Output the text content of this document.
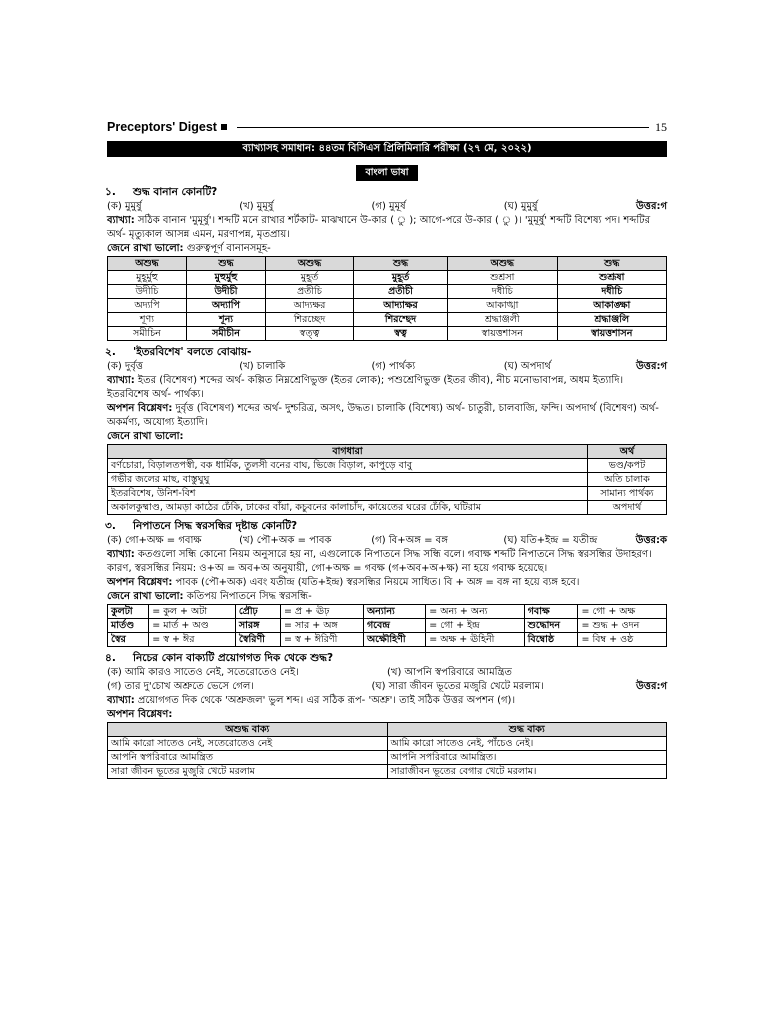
Preceptors' Digest	15
ব্যাখ্যাসহ সমাধান: ৪৪তম বিসিএস প্রিলিমিনারি পরীক্ষা (২৭ মে, ২০২২)
বাংলা ভাষা
১.	শুদ্ধ বানান কোনটি?
(ক) মুমুর্ষু	(খ) মুমূর্ষু	(গ) মুমূর্ষ	(ঘ) মুমুর্ষু	উত্তর:গ

ব্যাখ্যা: সঠিক বানান 'মুমূর্ষু'। শব্দটি মনে রাখার শর্টকাট- মাঝখানে উ-কার ( ু ); আগে-পরে উ-কার ( ু )। 'মুমূর্ষু' শব্দটি বিশেষ্য পদ। শব্দটির অর্থ- মৃত্যুকাল আসন্ন এমন, মরণাপন্ন, মৃতপ্রায়।

জেনে রাখা ভালো: গুরুত্বপূর্ণ বানানসমূহ-

অশুদ্ধ	শুদ্ধ	অশুদ্ধ	শুদ্ধ	অশুদ্ধ	শুদ্ধ
মুহূর্মুহু	মুহুর্মুহু	মুহূর্ত	মুহূর্ত	শুশ্রসা	শুশ্রূষা
উদীচি	উদীচী	প্রতীচি	প্রতীচী	দধীচি	দধীচি
অদ্যপি	অদ্যাপি	আদ্যক্ষর	আদ্যাক্ষর	আকাঙ্খা	আকাঙ্ক্ষা
শূণ্য	শূন্য	শিরচ্ছেদ	শিরশ্ছেদ	শ্রদ্ধাঞ্জলী	শ্রদ্ধাঞ্জলি
সমীচিন	সমীচীন	স্বত্ত্ব	স্বত্ব	স্বায়ত্তশাসন	স্বায়ত্তশাসন
২.	'ইতরবিশেষ' বলতে বোঝায়-
(ক) দুর্বৃত্ত	(খ) চালাকি	(গ) পার্থক্য	(ঘ) অপদার্থ	উত্তর:গ

ব্যাখ্যা: ইতর (বিশেষণ) শব্দের অর্থ- কল্পিত নিম্নশ্রেণিভুক্ত (ইতর লোক); পশুশ্রেণিভুক্ত (ইতর জীব), নীচ মনোভাবাপন্ন, অধম ইত্যাদি। ইতরবিশেষ অর্থ- পার্থক্য।

অপশন বিশ্লেষণ: দুর্বৃত্ত (বিশেষণ) শব্দের অর্থ- দুশ্চরিত্র, অসৎ, উদ্ধত। চালাকি (বিশেষ্য) অর্থ- চাতুরী, চালবাজি, ফন্দি। অপদার্থ (বিশেষণ) অর্থ- অকর্মণ্য, অযোগ্য ইত্যাদি।

জেনে রাখা ভালো:
বাগধারা	অর্থ
বর্ণচোরা, বিড়ালতপস্বী, বক ধার্মিক, তুলসী বনের বাঘ, ভিজে বিড়াল, কাপুড়ে বাবু	ভণ্ড/কপট
গভীর জলের মাছ, বাস্তুঘুঘু	অতি চালাক
ইতরবিশেষ, উনিশ-বিশ	সামান্য পার্থক্য
অকালকুষ্মাণ্ড, আমড়া কাঠের ঢেঁকি, ঢাকের বাঁয়া, কচুবনের কালাচাঁদ, কায়েতের ঘরের ঢেঁকি, ঘটিরাম	অপদার্থ
৩.	নিপাতনে সিদ্ধ স্বরসন্ধির দৃষ্টান্ত কোনটি?
(ক) গো+অক্ষ = গবাক্ষ	(খ) পৌ+অক = পাবক	(গ) বি+অঙ্গ = বঙ্গ	(ঘ) যতি+ইন্দ্র = যতীন্দ্র	উত্তর:ক

ব্যাখ্যা: কতগুলো সন্ধি কোনো নিয়ম অনুসারে হয় না, এগুলোকে নিপাতনে সিদ্ধ সন্ধি বলে। গবাক্ষ শব্দটি নিপাতনে সিদ্ধ স্বরসন্ধির উদাহরণ। কারণ, স্বরসন্ধির নিয়ম: ও+অ = অব+অ অনুযায়ী, গো+অক্ষ = গবক্ষ (গ+অব+অ+ক্ষ) না হয়ে গবাক্ষ হয়েছে।

অপশন বিশ্লেষণ: পাবক (পৌ+অক) এবং যতীন্দ্র (যতি+ইন্দ্র) স্বরসন্ধির নিয়মে সাধিত। বি + অঙ্গ = বঙ্গ না হয়ে ব্যঙ্গ হবে।

জেনে রাখা ভালো: কতিপয় নিপাতনে সিদ্ধ স্বরসন্ধি-

কুলটা	= কুল + অটা	প্রৌঢ়	= প্র + ঊঢ়	অন্যান্য	= অন্য + অন্য	গবাক্ষ	= গো + অক্ষ
মার্তণ্ড	= মার্ত + অণ্ড	সারঙ্গ	= সার + অঙ্গ	গবেন্দ্র	= গো + ইন্দ্র	শুদ্ধোদন	= শুদ্ধ + ওদন
স্বৈর	= স্ব + ঈর	স্বৈরিণী	= স্ব + ঈরিণী	অক্ষৌহিণী	= অক্ষ + ঊহিনী	বিম্বোষ্ঠ	= বিম্ব + ওষ্ঠ
৪.	নিচের কোন বাক্যটি প্রয়োগগত দিক থেকে শুদ্ধ?
(ক) আমি কারও সাতেও নেই, সতেরোতেও নেই।	(খ) আপনি স্বপরিবারে আমন্ত্রিত
(গ) তার দু'চোখ অশ্রুতে ভেসে গেল।	(ঘ) সারা জীবন ভূতের মজুরি খেটে মরলাম।	উত্তর:গ

ব্যাখ্যা: প্রয়োগগত দিক থেকে 'অশ্রুজল' ভুল শব্দ। এর সঠিক রূপ- 'অশ্রু'। তাই সঠিক উত্তর অপশন (গ)।

অপশন বিশ্লেষণ:
অশুদ্ধ বাক্য	শুদ্ধ বাক্য
আমি কারো সাতেও নেই, সতেরোতেও নেই	আমি কারো সাতেও নেই, পাঁচেও নেই।
আপনি স্বপরিবারে আমন্ত্রিত	আপনি সপরিবারে আমন্ত্রিত।
সারা জীবন ভূতের মুজুরি খেটে মরলাম	সারাজীবন ভূতের বেগার খেটে মরলাম।
